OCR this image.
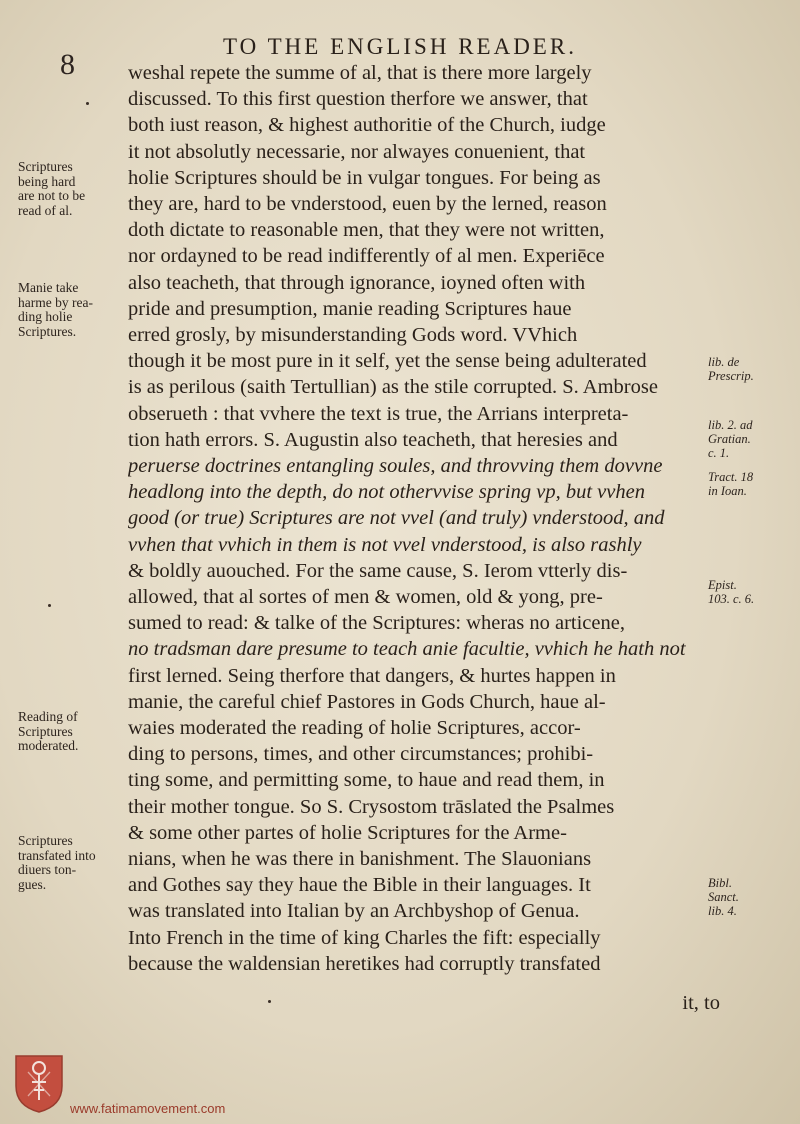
TO THE ENGLISH READER.
8	weshal repete the summe of al, that is there more largely
discussed. To this first question therfore we answer, that
both iust reason, & highest authoritie of the Church, iudge
it not absolutly necessarie, nor alwayes conuenient, that
holie Scriptures should be in vulgar tongues. For being as
they are, hard to be vnderstood, euen by the lerned, reason
doth dictate to reasonable men, that they were not written,
nor ordayned to be read indifferently of al men. Experiēce
also teacheth, that through ignorance, ioyned often with
pride and presumption, manie reading Scriptures haue
erred grosly, by misunderstanding Gods word. VVhich
though it be most pure in it self, yet the sense being adulterated
is as perilous (saith Tertullian) as the stile corrupted. S. Ambrose
obserueth : that vvhere the text is true, the Arrians interpreta-
tion hath errors. S. Augustin also teacheth, that heresies and
peruerse doctrines entangling soules, and throvving them dovvne
headlong into the depth, do not othervvise spring vp, but vvhen
good (or true) Scriptures are not vvel (and truly) vnderstood, and
vvhen that vvhich in them is not vvel vnderstood, is also rashly
& boldly auouched. For the same cause, S. Ierom vtterly dis-
allowed, that al sortes of men & women, old & yong, pre-
sumed to read: & talke of the Scriptures: wheras no articene,
no tradsman dare presume to teach anie facultie, vvhich he hath not
first lerned. Seing therfore that dangers, & hurtes happen in
manie, the careful chief Pastores in Gods Church, haue al-
waies moderated the reading of holie Scriptures, accor-
ding to persons, times, and other circumstances; prohibi-
ting some, and permitting some, to haue and read them, in
their mother tongue. So S. Crysostom trāslated the Psalmes
& some other partes of holie Scriptures for the Arme-
nians, when he was there in banishment. The Slauonians
and Gothes say they haue the Bible in their languages. It
was translated into Italian by an Archbyshop of Genua.
Into French in the time of king Charles the fift: especially
because the waldensian heretikes had corruptly transfated
it, to
Scriptures
being hard
are not to be
read of al.
Manie take
harme by rea-
ding holie
Scriptures.
Reading of
Scriptures
moderated.
Scriptures
transfated into
diuers ton-
gues.
lib. de
Prescrip.
lib. 2. ad
Gratian.
c. 1.
Tract. 18
in Ioan.
Epist.
103. c. 6.
Bibl.
Sanct.
lib. 4.
www.fatimamovement.com
